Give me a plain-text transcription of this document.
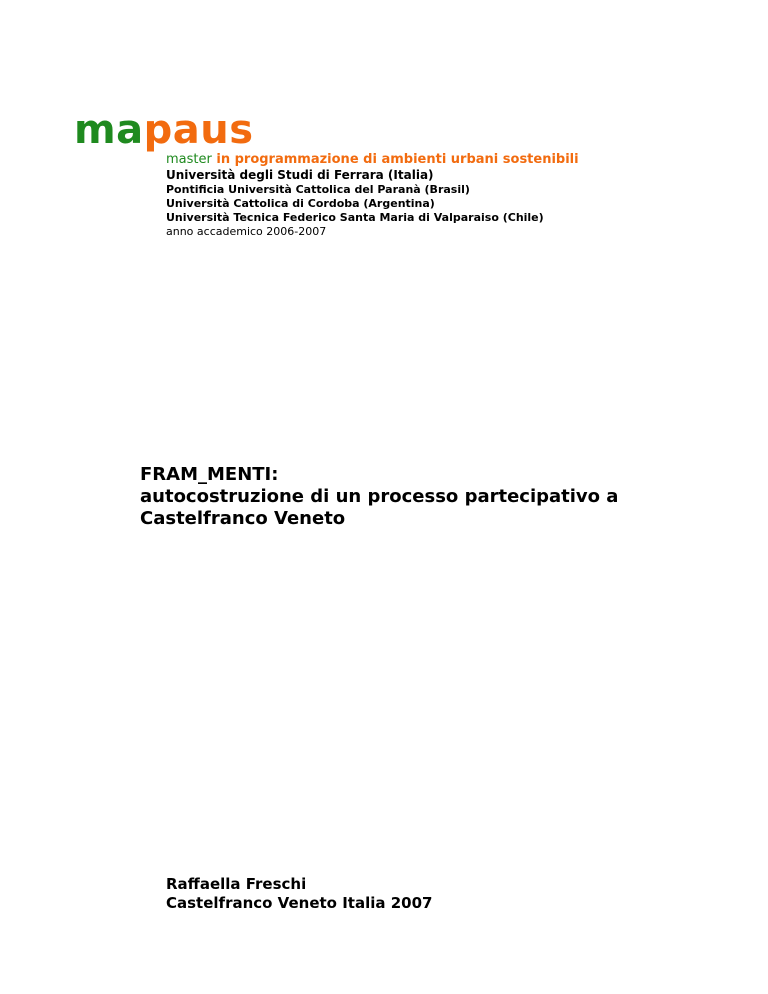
mapaus
master in programmazione di ambienti urbani sostenibili
Università degli Studi di Ferrara (Italia)
Pontificia Università Cattolica del Paranà (Brasil)
Università Cattolica di Cordoba (Argentina)
Università Tecnica Federico Santa Maria di Valparaiso (Chile)
anno accademico 2006-2007
FRAM_MENTI:
autocostruzione di un processo partecipativo a
Castelfranco Veneto
Raffaella Freschi
Castelfranco Veneto Italia 2007
